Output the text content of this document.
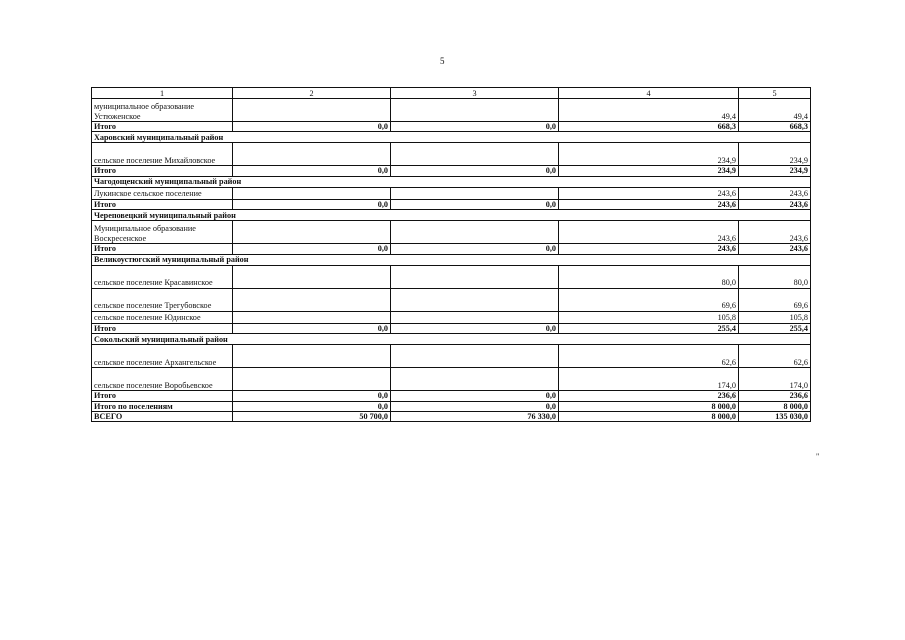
5
1	2	3	4	5
муниципальное образование Устюженское			49,4	49,4
Итого	0,0	0,0	668,3	668,3
Харовский муниципальный район				
сельское поселение Михайловское			234,9	234,9
Итого	0,0	0,0	234,9	234,9
Чагодощенский муниципальный район				
Лукинское сельское поселение			243,6	243,6
Итого	0,0	0,0	243,6	243,6
Череповецкий муниципальный район				
Муниципальное образование Воскресенское			243,6	243,6
Итого	0,0	0,0	243,6	243,6
Великоустюгский муниципальный район				
сельское поселение Красавинское			80,0	80,0
сельское поселение Трегубовское			69,6	69,6
сельское поселение Юдинское			105,8	105,8
Итого	0,0	0,0	255,4	255,4
Сокольский муниципальный район				
сельское поселение Архангельское			62,6	62,6
сельское поселение Воробьевское			174,0	174,0
Итого	0,0	0,0	236,6	236,6
Итого по поселениям	0,0	0,0	8 000,0	8 000,0
ВСЕГО	50 700,0	76 330,0	8 000,0	135 030,0
"
